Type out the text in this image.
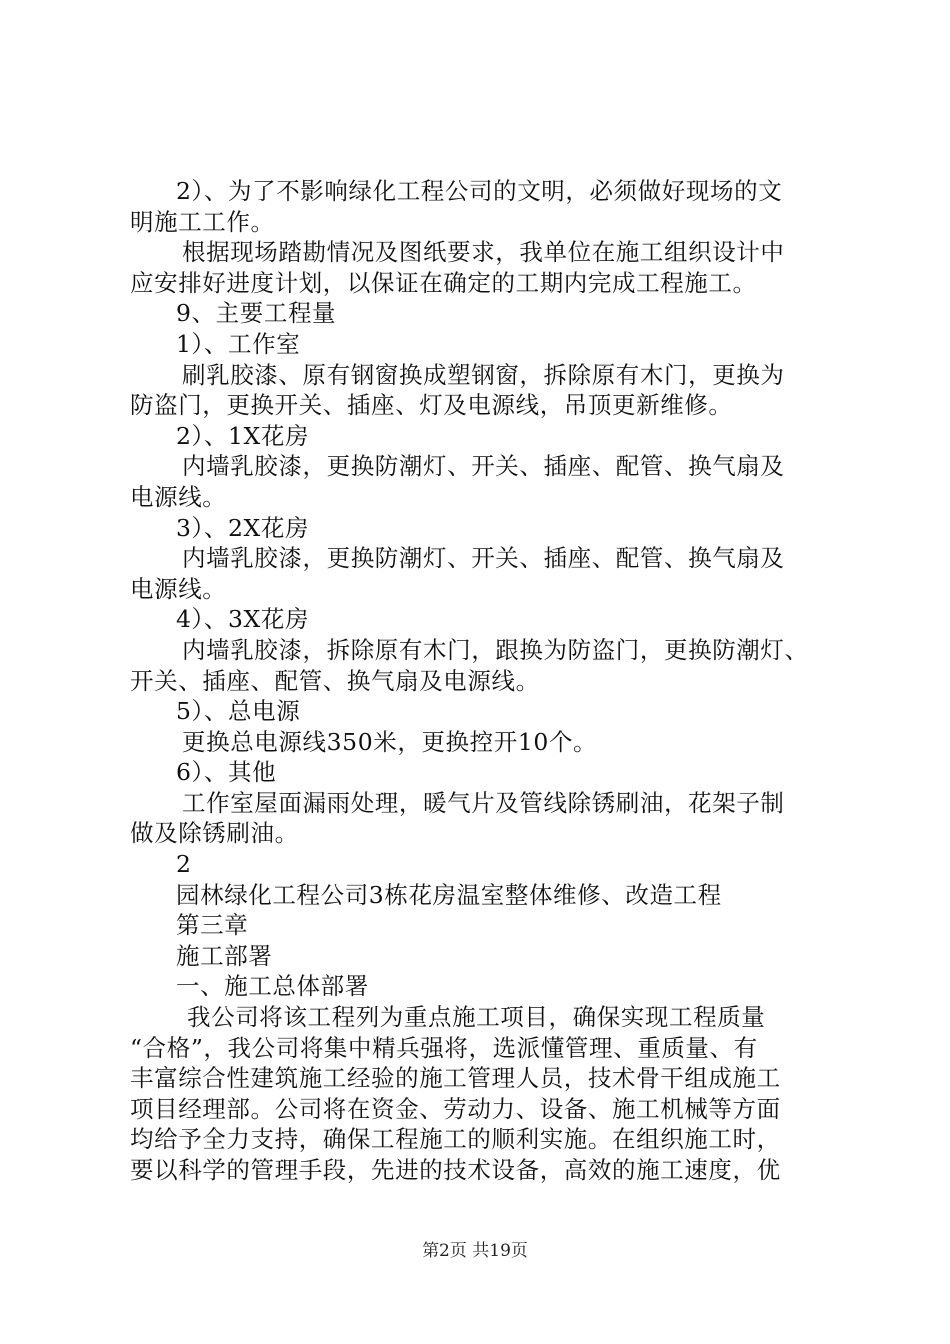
2）、为了不影响绿化工程公司的文明，必须做好现场的文
明施工工作。
根据现场踏勘情况及图纸要求，我单位在施工组织设计中
应安排好进度计划，以保证在确定的工期内完成工程施工。
9、主要工程量
1）、工作室
刷乳胶漆、原有钢窗换成塑钢窗，拆除原有木门，更换为
防盗门，更换开关、插座、灯及电源线，吊顶更新维修。
2）、1X花房
内墙乳胶漆，更换防潮灯、开关、插座、配管、换气扇及
电源线。
3）、2X花房
内墙乳胶漆，更换防潮灯、开关、插座、配管、换气扇及
电源线。
4）、3X花房
内墙乳胶漆，拆除原有木门，跟换为防盗门，更换防潮灯、
开关、插座、配管、换气扇及电源线。
5）、总电源
更换总电源线350米，更换控开10个。
6）、其他
工作室屋面漏雨处理，暖气片及管线除锈刷油，花架子制
做及除锈刷油。
2
园林绿化工程公司3栋花房温室整体维修、改造工程
第三章
施工部署
一、施工总体部署
我公司将该工程列为重点施工项目，确保实现工程质量
“合格”，我公司将集中精兵强将，选派懂管理、重质量、有
丰富综合性建筑施工经验的施工管理人员，技术骨干组成施工
项目经理部。公司将在资金、劳动力、设备、施工机械等方面
均给予全力支持，确保工程施工的顺利实施。在组织施工时，
要以科学的管理手段，先进的技术设备，高效的施工速度，优
第2页 共19页
